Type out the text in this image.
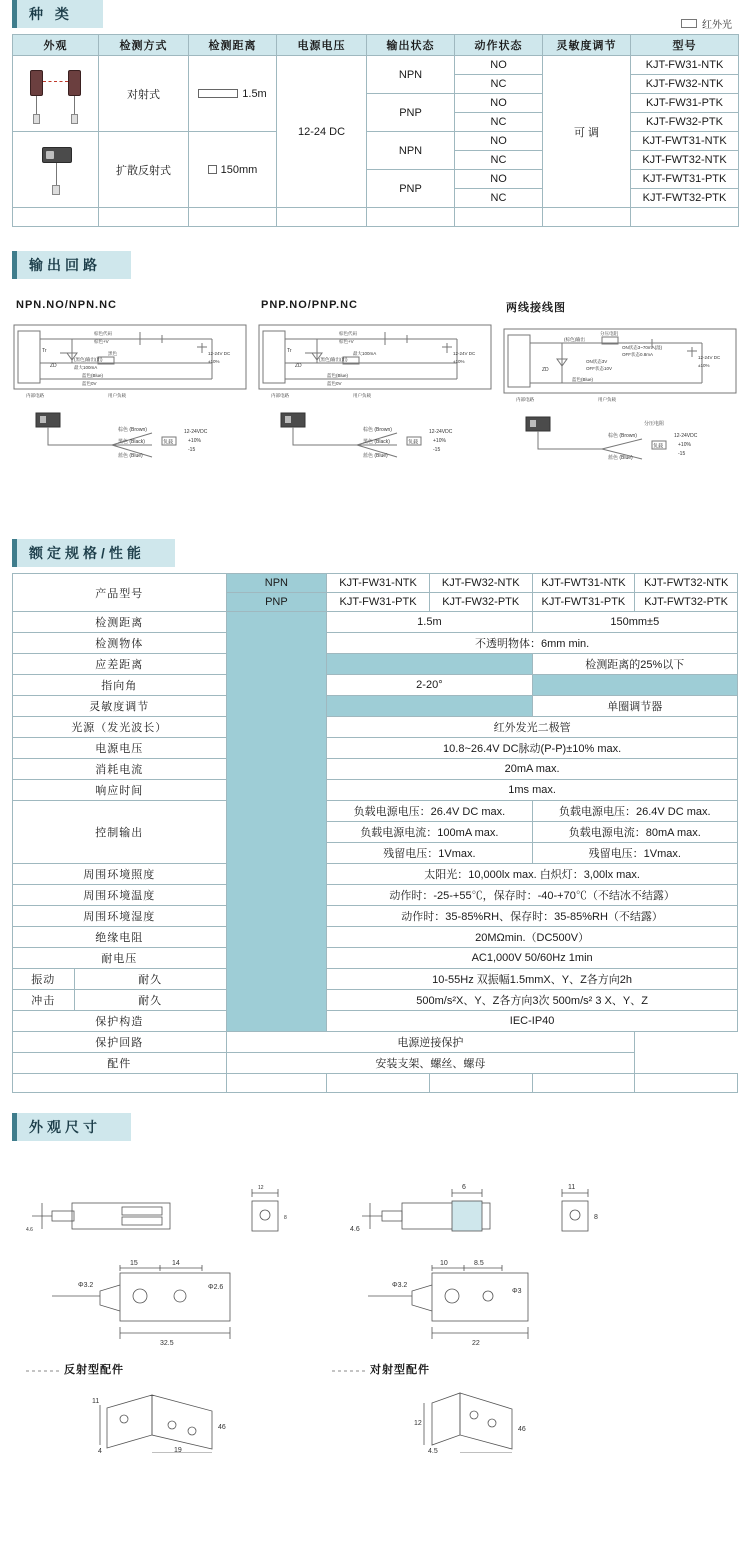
种 类
红外光
外观	检测方式	检测距离	电源电压	输出状态	动作状态	灵敏度调节	型号

	对射式	1.5m	12-24 DC	NPN	NO	可 调	KJT-FW31-NTK
					NC		KJT-FW32-NTK
				PNP	NO		KJT-FW31-PTK
					NC		KJT-FW32-PTK

	扩散反射式	150mm		NPN	NO		KJT-FWT31-NTK
					NC		KJT-FWT32-NTK
				PNP	NO		KJT-FWT31-PTK
					NC		KJT-FWT32-PTK

输出回路
NPN.NO/NPN.NC
棕色代码
棕色+V
黑色
(黑色)输出(出)
最大100mA
蓝色(Blue)
蓝色0V
12-24V DC
±10%
Tr
ZD
内部电路	用户负载
棕色 (Brown)
黑色 (Black)
蓝色 (Blue)
负载
12-24VDC
+10%
-15
PNP.NO/PNP.NC
棕色代码
棕色+V
最大100mA
(黑色)输出(出)
蓝色(Blue)
蓝色0V
12-24V DC
±10%
Tr
ZD
内部电路	用户负载
棕色 (Brown)
黑色 (Black)
蓝色 (Blue)
负载
12-24VDC
+10%
-15
两线接线图
分压电阻
(棕色)输出
ON状态3~70mA(湿)
OFF状态0.8mA
ON状态3V
OFF状态10V
蓝色(Blue)
12-24V DC
±10%
ZD
内部电路	用户负载
棕色 (Brown)
蓝色 (Blue)
分压电阻
负载
12-24VDC
+10%
-15
额定规格/性能
产品型号		NPN	KJT-FW31-NTK	KJT-FW32-NTK	KJT-FWT31-NTK	KJT-FWT32-NTK
		PNP	KJT-FW31-PTK	KJT-FW32-PTK	KJT-FWT31-PTK	KJT-FWT32-PTK
检测距离			1.5m		150mm±5	
检测物体			不透明物体：6mm min.			
应差距离					检测距离的25%以下	
指向角			2-20°			
灵敏度调节					单圈调节器	
光源（发光波长）			红外发光二极管			
电源电压			10.8~26.4V DC脉动(P-P)±10% max.			
消耗电流			20mA max.			
响应时间			1ms max.			
控制输出			负载电源电压：26.4V DC max.		负载电源电压：26.4V DC max.	
			负载电源电流：100mA max.		负载电源电流：80mA max.	
			残留电压：1Vmax.		残留电压：1Vmax.	
周围环境照度			太阳光：10,000lx max. 白炽灯：3,00lx max.			
周围环境温度			动作时：-25-+55℃，保存时：-40-+70℃（不结冰不结露）			
周围环境湿度			动作时：35-85%RH、保存时：35-85%RH（不结露）			
绝缘电阻			20MΩmin.（DC500V）			
耐电压			AC1,000V 50/60Hz 1min			
振动	耐久		10-55Hz 双振幅1.5mmX、Y、Z各方向2h			
冲击	耐久		500m/s²X、Y、Z各方向3次 500m/s² 3 X、Y、Z			
保护构造			IEC-IP40			
保护回路		电源逆接保护				
配件		安装支架、螺丝、螺母				

外观尺寸
12
4.6
8
15	14
Φ3.2	Φ2.6
32.5
6	11
4.6
8
10	8.5
Φ3.2
Φ3
22
11
19
46
4
12
46
4.5
反射型配件	对射型配件
